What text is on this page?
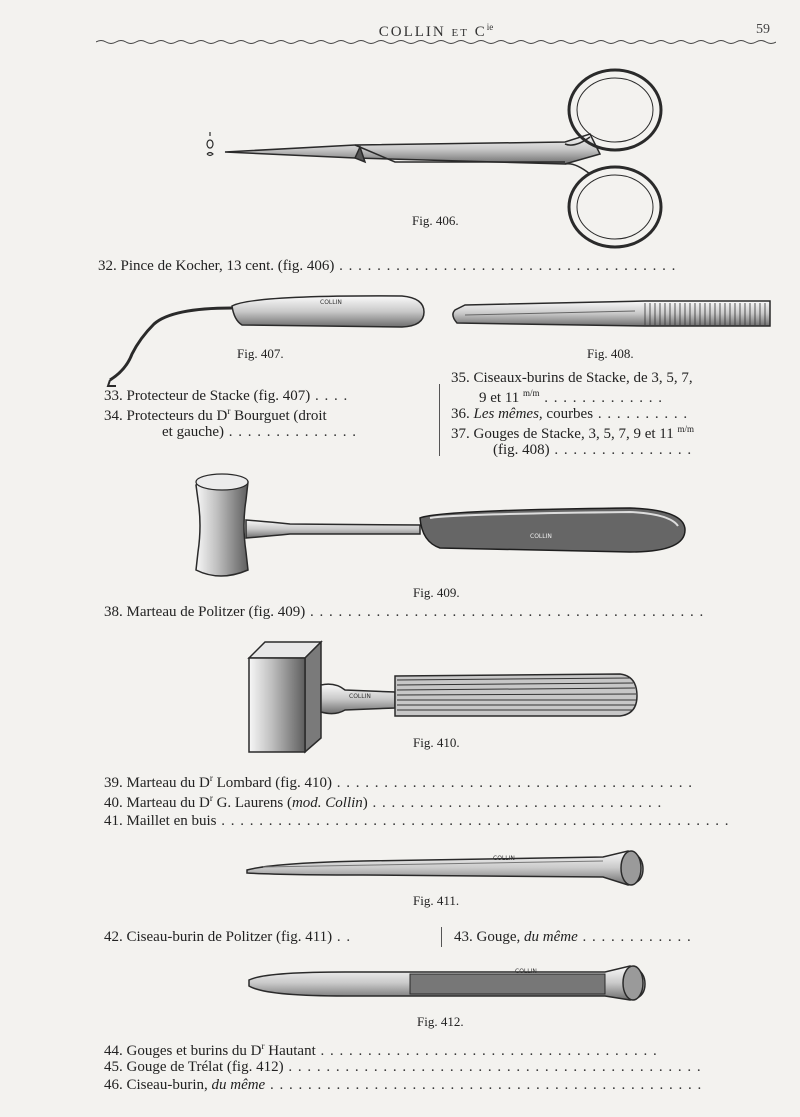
COLLIN ET $C^{ie}$	59
Fig. 406.
32. Pince de Kocher, 13 cent. (fig. 406) . . . . . . . . . . . . . . . . . . . . . . . . . . . . . . . . . . . .
COLLIN
Fig. 407.	Fig. 408.
33. Protecteur de Stacke (fig. 407) . . . .
34. Protecteurs du $D^r$ Bourguet (droit
et gauche) . . . . . . . . . . . . . .
35. Ciseaux-burins de Stacke, de 3, 5, 7,
9 et 11 $^{m/m}$ . . . . . . . . . . . . .
36. Les mêmes, courbes . . . . . . . . . .
37. Gouges de Stacke, 3, 5, 7, 9 et 11 $^{m/m}$
(fig. 408) . . . . . . . . . . . . . . .
COLLIN
Fig. 409.
38. Marteau de Politzer (fig. 409) . . . . . . . . . . . . . . . . . . . . . . . . . . . . . . . . . . . . . . . . . .
COLLIN
Fig. 410.
39. Marteau du $D^r$ Lombard (fig. 410) . . . . . . . . . . . . . . . . . . . . . . . . . . . . . . . . . . . . . .
40. Marteau du $D^r$ G. Laurens (mod. Collin) . . . . . . . . . . . . . . . . . . . . . . . . . . . . . . .
41. Maillet en buis . . . . . . . . . . . . . . . . . . . . . . . . . . . . . . . . . . . . . . . . . . . . . . . . . . . . . .
COLLIN
Fig. 411.
42. Ciseau-burin de Politzer (fig. 411) . .	43. Gouge, du même . . . . . . . . . . . .
COLLIN
Fig. 412.
44. Gouges et burins du $D^r$ Hautant . . . . . . . . . . . . . . . . . . . . . . . . . . . . . . . . . . . .
45. Gouge de Trélat (fig. 412) . . . . . . . . . . . . . . . . . . . . . . . . . . . . . . . . . . . . . . . . . . . .
46. Ciseau-burin, du même . . . . . . . . . . . . . . . . . . . . . . . . . . . . . . . . . . . . . . . . . . . . . .
